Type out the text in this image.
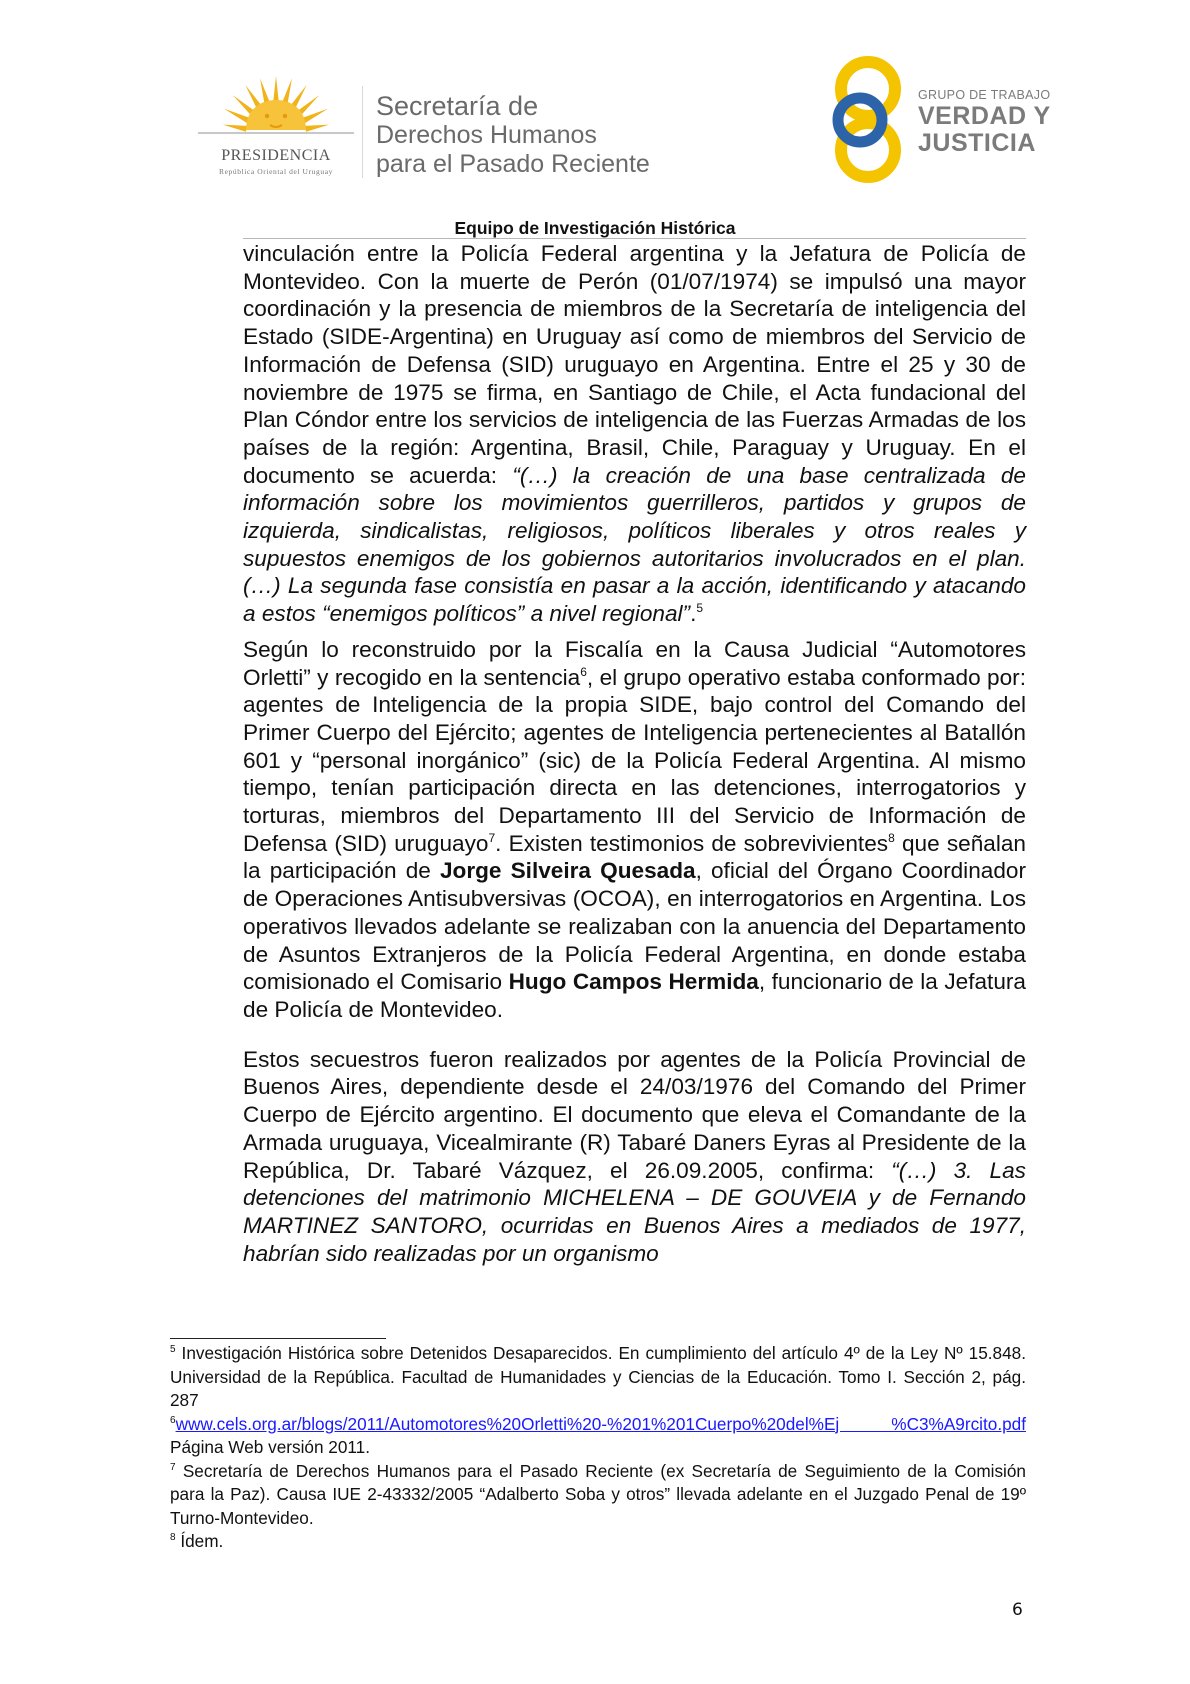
PRESIDENCIA
República Oriental del Uruguay
Secretaría de
Derechos Humanos
para el Pasado Reciente
GRUPO DE TRABAJO
VERDAD Y
JUSTICIA
Equipo de Investigación Histórica

vinculación entre la Policía Federal argentina y la Jefatura de Policía de Montevideo. Con la muerte de Perón (01/07/1974) se impulsó una mayor coordinación y la presencia de miembros de la Secretaría de inteligencia del Estado (SIDE-Argentina) en Uruguay así como de miembros del Servicio de Información de Defensa (SID) uruguayo en Argentina. Entre el 25 y 30 de noviembre de 1975 se firma, en Santiago de Chile, el Acta fundacional del Plan Cóndor entre los servicios de inteligencia de las Fuerzas Armadas de los países de la región: Argentina, Brasil, Chile, Paraguay y Uruguay. En el documento se acuerda: “(…) la creación de una base centralizada de información sobre los movimientos guerrilleros, partidos y grupos de izquierda, sindicalistas, religiosos, políticos liberales y otros reales y supuestos enemigos de los gobiernos autoritarios involucrados en el plan. (…) La segunda fase consistía en pasar a la acción, identificando y atacando a estos “enemigos políticos” a nivel regional”.$^5$

Según lo reconstruido por la Fiscalía en la Causa Judicial “Automotores Orletti” y recogido en la sentencia$^6$, el grupo operativo estaba conformado por: agentes de Inteligencia de la propia SIDE, bajo control del Comando del Primer Cuerpo del Ejército; agentes de Inteligencia pertenecientes al Batallón 601 y “personal inorgánico” (sic) de la Policía Federal Argentina. Al mismo tiempo, tenían participación directa en las detenciones, interrogatorios y torturas, miembros del Departamento III del Servicio de Información de Defensa (SID) uruguayo$^7$. Existen testimonios de sobrevivientes$^8$ que señalan la participación de Jorge Silveira Quesada, oficial del Órgano Coordinador de Operaciones Antisubversivas (OCOA), en interrogatorios en Argentina. Los operativos llevados adelante se realizaban con la anuencia del Departamento de Asuntos Extranjeros de la Policía Federal Argentina, en donde estaba comisionado el Comisario Hugo Campos Hermida, funcionario de la Jefatura de Policía de Montevideo.

Estos secuestros fueron realizados por agentes de la Policía Provincial de Buenos Aires, dependiente desde el 24/03/1976 del Comando del Primer Cuerpo de Ejército argentino. El documento que eleva el Comandante de la Armada uruguaya, Vicealmirante (R) Tabaré Daners Eyras al Presidente de la República, Dr. Tabaré Vázquez, el 26.09.2005, confirma: “(…) 3. Las detenciones del matrimonio MICHELENA – DE GOUVEIA y de Fernando MARTINEZ SANTORO, ocurridas en Buenos Aires a mediados de 1977, habrían sido realizadas por un organismo

$^5$ Investigación Histórica sobre Detenidos Desaparecidos. En cumplimiento del artículo 4º de la Ley Nº 15.848. Universidad de la República. Facultad de Humanidades y Ciencias de la Educación. Tomo I. Sección 2, pág. 287
$^6$www.cels.org.ar/blogs/2011/Automotores%20Orletti%20-%201%201Cuerpo%20del%Ej %C3%A9rcito.pdf Página Web versión 2011.
$^7$ Secretaría de Derechos Humanos para el Pasado Reciente (ex Secretaría de Seguimiento de la Comisión para la Paz). Causa IUE 2-43332/2005 “Adalberto Soba y otros” llevada adelante en el Juzgado Penal de 19º Turno-Montevideo.
$^8$ Ídem.
6
